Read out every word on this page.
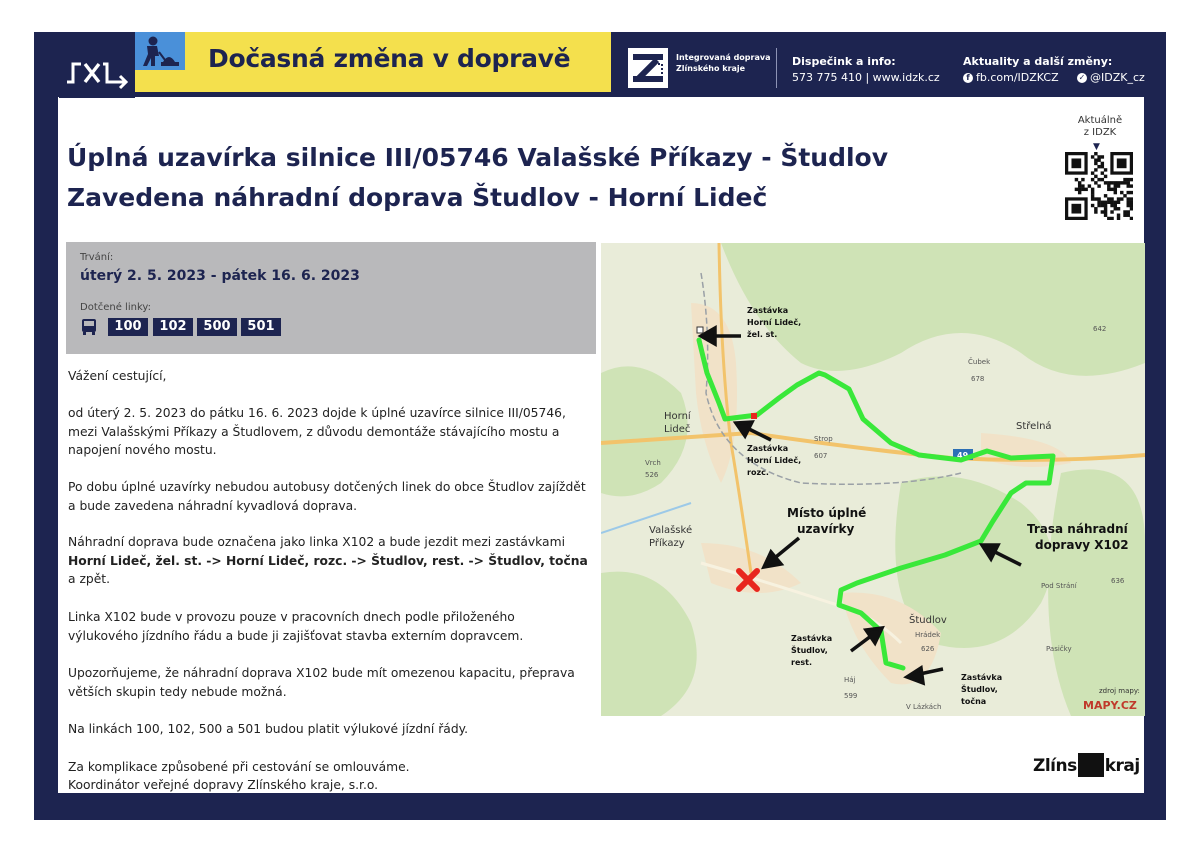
Dočasná změna v dopravě	Integrovaná doprava
Zlínského kraje
Dispečink a info:
573 775 410 | www.idzk.cz
Aktuality a další změny:
f fb.com/IDZKCZ	✓ @IDZK_cz
Úplná uzavírka silnice III/05746 Valašské Příkazy - Študlov
Zavedena náhradní doprava Študlov - Horní Lideč
Aktuálně
z IDZK
▼
Trvání:
úterý 2. 5. 2023 - pátek 16. 6. 2023
Dotčené linky:
100	102	500	501
Vážení cestující,
od úterý 2. 5. 2023 do pátku 16. 6. 2023 dojde k úplné uzavírce silnice III/05746, mezi Valašskými Příkazy a Študlovem, z důvodu demontáže stávajícího mostu a napojení nového mostu.
Po dobu úplné uzavírky nebudou autobusy dotčených linek do obce Študlov zajíždět a bude zavedena náhradní kyvadlová doprava.
Náhradní doprava bude označena jako linka X102 a bude jezdit mezi zastávkami Horní Lideč, žel. st. -> Horní Lideč, rozc. -> Študlov, rest. -> Študlov, točna a zpět.
Linka X102 bude v provozu pouze v pracovních dnech podle přiloženého výlukového jízdního řádu a bude ji zajišťovat stavba externím dopravcem.
Upozorňujeme, že náhradní doprava X102 bude mít omezenou kapacitu, přeprava větších skupin tedy nebude možná.
Na linkách 100, 102, 500 a 501 budou platit výlukové jízdní řády.
Za komplikace způsobené při cestování se omlouváme.
Koordinátor veřejné dopravy Zlínského kraje, s.r.o.
49
Horní
Lideč
Valašské
Příkazy
Střelná
Študlov
Čubek
678
642
Vrch
526
Strop
607
Hrádek
626
Háj
599
Pod Strání
636
Pasičky
V Lázkách
Zastávka
Horní Lideč,
žel. st.
Zastávka
Horní Lideč,
rozc.
Zastávka
Študlov,
rest.
Zastávka
Študlov,
točna
Místo úplné
uzavírky	Trasa náhradní
dopravy X102
zdroj mapy:
MAPY.CZ
Zlíns kraj
